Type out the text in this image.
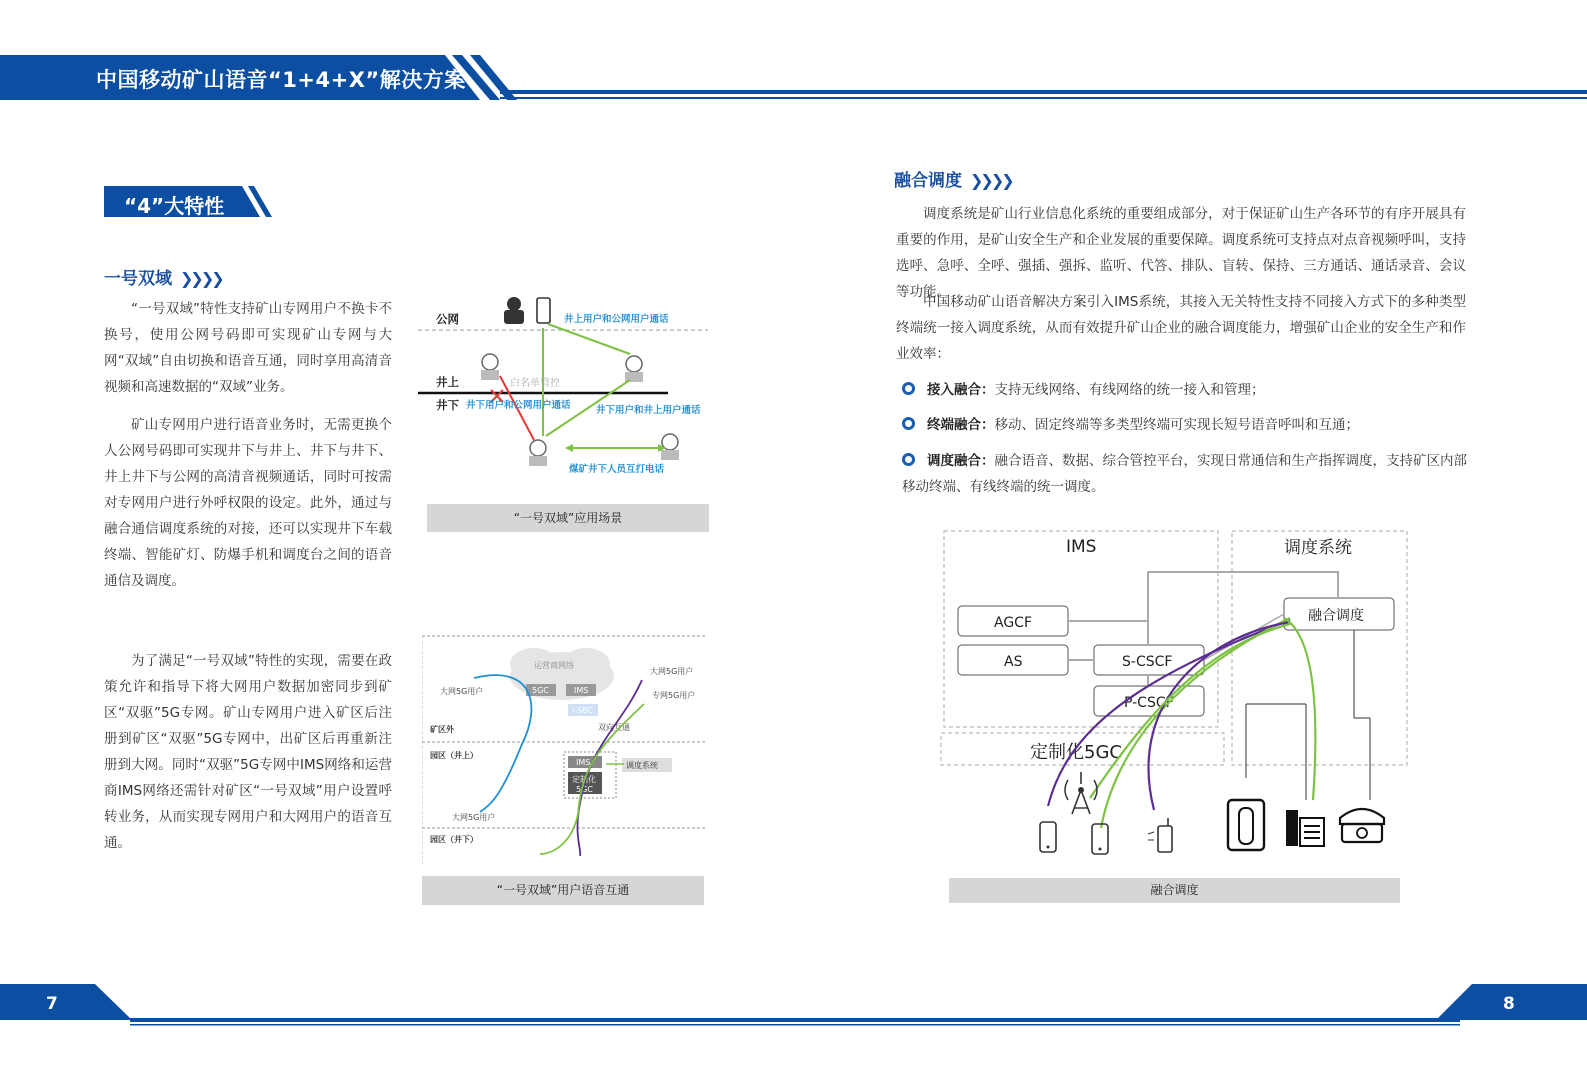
中国移动矿山语音“1+4+X”解决方案
“4”大特性
一号双域 ❯❯❯❯
“一号双域”特性支持矿山专网用户不换卡不换号，使用公网号码即可实现矿山专网与大网“双域”自由切换和语音互通，同时享用高清音视频和高速数据的“双域”业务。
矿山专网用户进行语音业务时，无需更换个人公网号码即可实现井下与井上、井下与井下、井上井下与公网的高清音视频通话，同时可按需对专网用户进行外呼权限的设定。此外，通过与融合通信调度系统的对接，还可以实现井下车载终端、智能矿灯、防爆手机和调度台之间的语音通信及调度。
为了满足“一号双域”特性的实现，需要在政策允许和指导下将大网用户数据加密同步到矿区“双驱”5G专网。矿山专网用户进入矿区后注册到矿区“双驱”5G专网中，出矿区后再重新注册到大网。同时“双驱”5G专网中IMS网络和运营商IMS网络还需针对矿区“一号双域”用户设置呼转业务，从而实现专网用户和大网用户的语音互通。
公网
井上
井下
白名单管控
井上用户和公网用户通话
井下用户和公网用户通话	井下用户和井上用户通话
煤矿井下人员互打电话
“一号双域”应用场景
运营商网络
5GC	IMS
I-SBC
大网5G用户
大网5G用户
专网5G用户
双向互通
矿区外
园区（井上）
园区（井下）
大网5G用户
IMS
定制化
5GC
调度系统
“一号双域”用户语音互通
融合调度 ❯❯❯❯
调度系统是矿山行业信息化系统的重要组成部分，对于保证矿山生产各环节的有序开展具有重要的作用，是矿山安全生产和企业发展的重要保障。调度系统可支持点对点音视频呼叫，支持选呼、急呼、全呼、强插、强拆、监听、代答、排队、盲转、保持、三方通话、通话录音、会议等功能。
中国移动矿山语音解决方案引入IMS系统，其接入无关特性支持不同接入方式下的多种类型终端统一接入调度系统，从而有效提升矿山企业的融合调度能力，增强矿山企业的安全生产和作业效率：
接入融合：支持无线网络、有线网络的统一接入和管理；
终端融合：移动、固定终端等多类型终端可实现长短号语音呼叫和互通；
调度融合：融合语音、数据、综合管控平台，实现日常通信和生产指挥调度，支持矿区内部移动终端、有线终端的统一调度。
IMS	调度系统
AGCF
AS	S-CSCF
P-CSCF
融合调度
定制化5GC
融合调度
7	8
